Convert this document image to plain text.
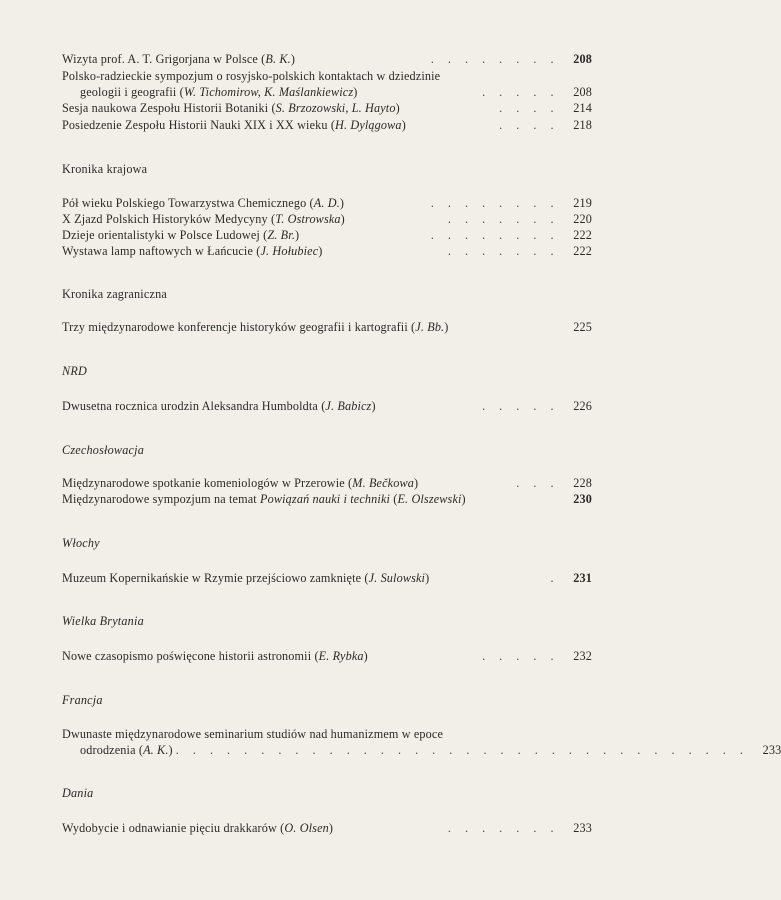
Wizyta prof. A. T. Grigorjana w Polsce (B. K.)	. . . . . . . .	208
Polsko-radzieckie sympozjum o rosyjsko-polskich kontaktach w dziedzinie
geologii i geografii (W. Tichomirow, K. Maślankiewicz)	. . . . .	208
Sesja naukowa Zespołu Historii Botaniki (S. Brzozowski, L. Hayto)	. . . .	214
Posiedzenie Zespołu Historii Nauki XIX i XX wieku (H. Dylągowa)	. . . .	218
Kronika krajowa
Pół wieku Polskiego Towarzystwa Chemicznego (A. D.)	. . . . . . . .	219
X Zjazd Polskich Historyków Medycyny (T. Ostrowska)	. . . . . . .	220
Dzieje orientalistyki w Polsce Ludowej (Z. Br.)	. . . . . . . .	222
Wystawa lamp naftowych w Łańcucie (J. Hołubiec)	. . . . . . .	222
Kronika zagraniczna
Trzy międzynarodowe konferencje historyków geografii i kartografii (J. Bb.)	225
NRD
Dwusetna rocznica urodzin Aleksandra Humboldta (J. Babicz)	. . . . .	226
Czechosłowacja
Międzynarodowe spotkanie komeniologów w Przerowie (M. Bečkowa)	. . .	228
Międzynarodowe sympozjum na temat Powiązań nauki i techniki (E. Olszewski)	230
Włochy
Muzeum Kopernikańskie w Rzymie przejściowo zamknięte (J. Sulowski)	.	231
Wielka Brytania
Nowe czasopismo poświęcone historii astronomii (E. Rybka)	. . . . .	232
Francja
Dwunaste międzynarodowe seminarium studiów nad humanizmem w epoce
odrodzenia (A. K.) . . . . . . . . . . . . . . . . . . . . . . . . . . . . . . . . . .	233
Dania
Wydobycie i odnawianie pięciu drakkarów (O. Olsen)	. . . . . . .	233
